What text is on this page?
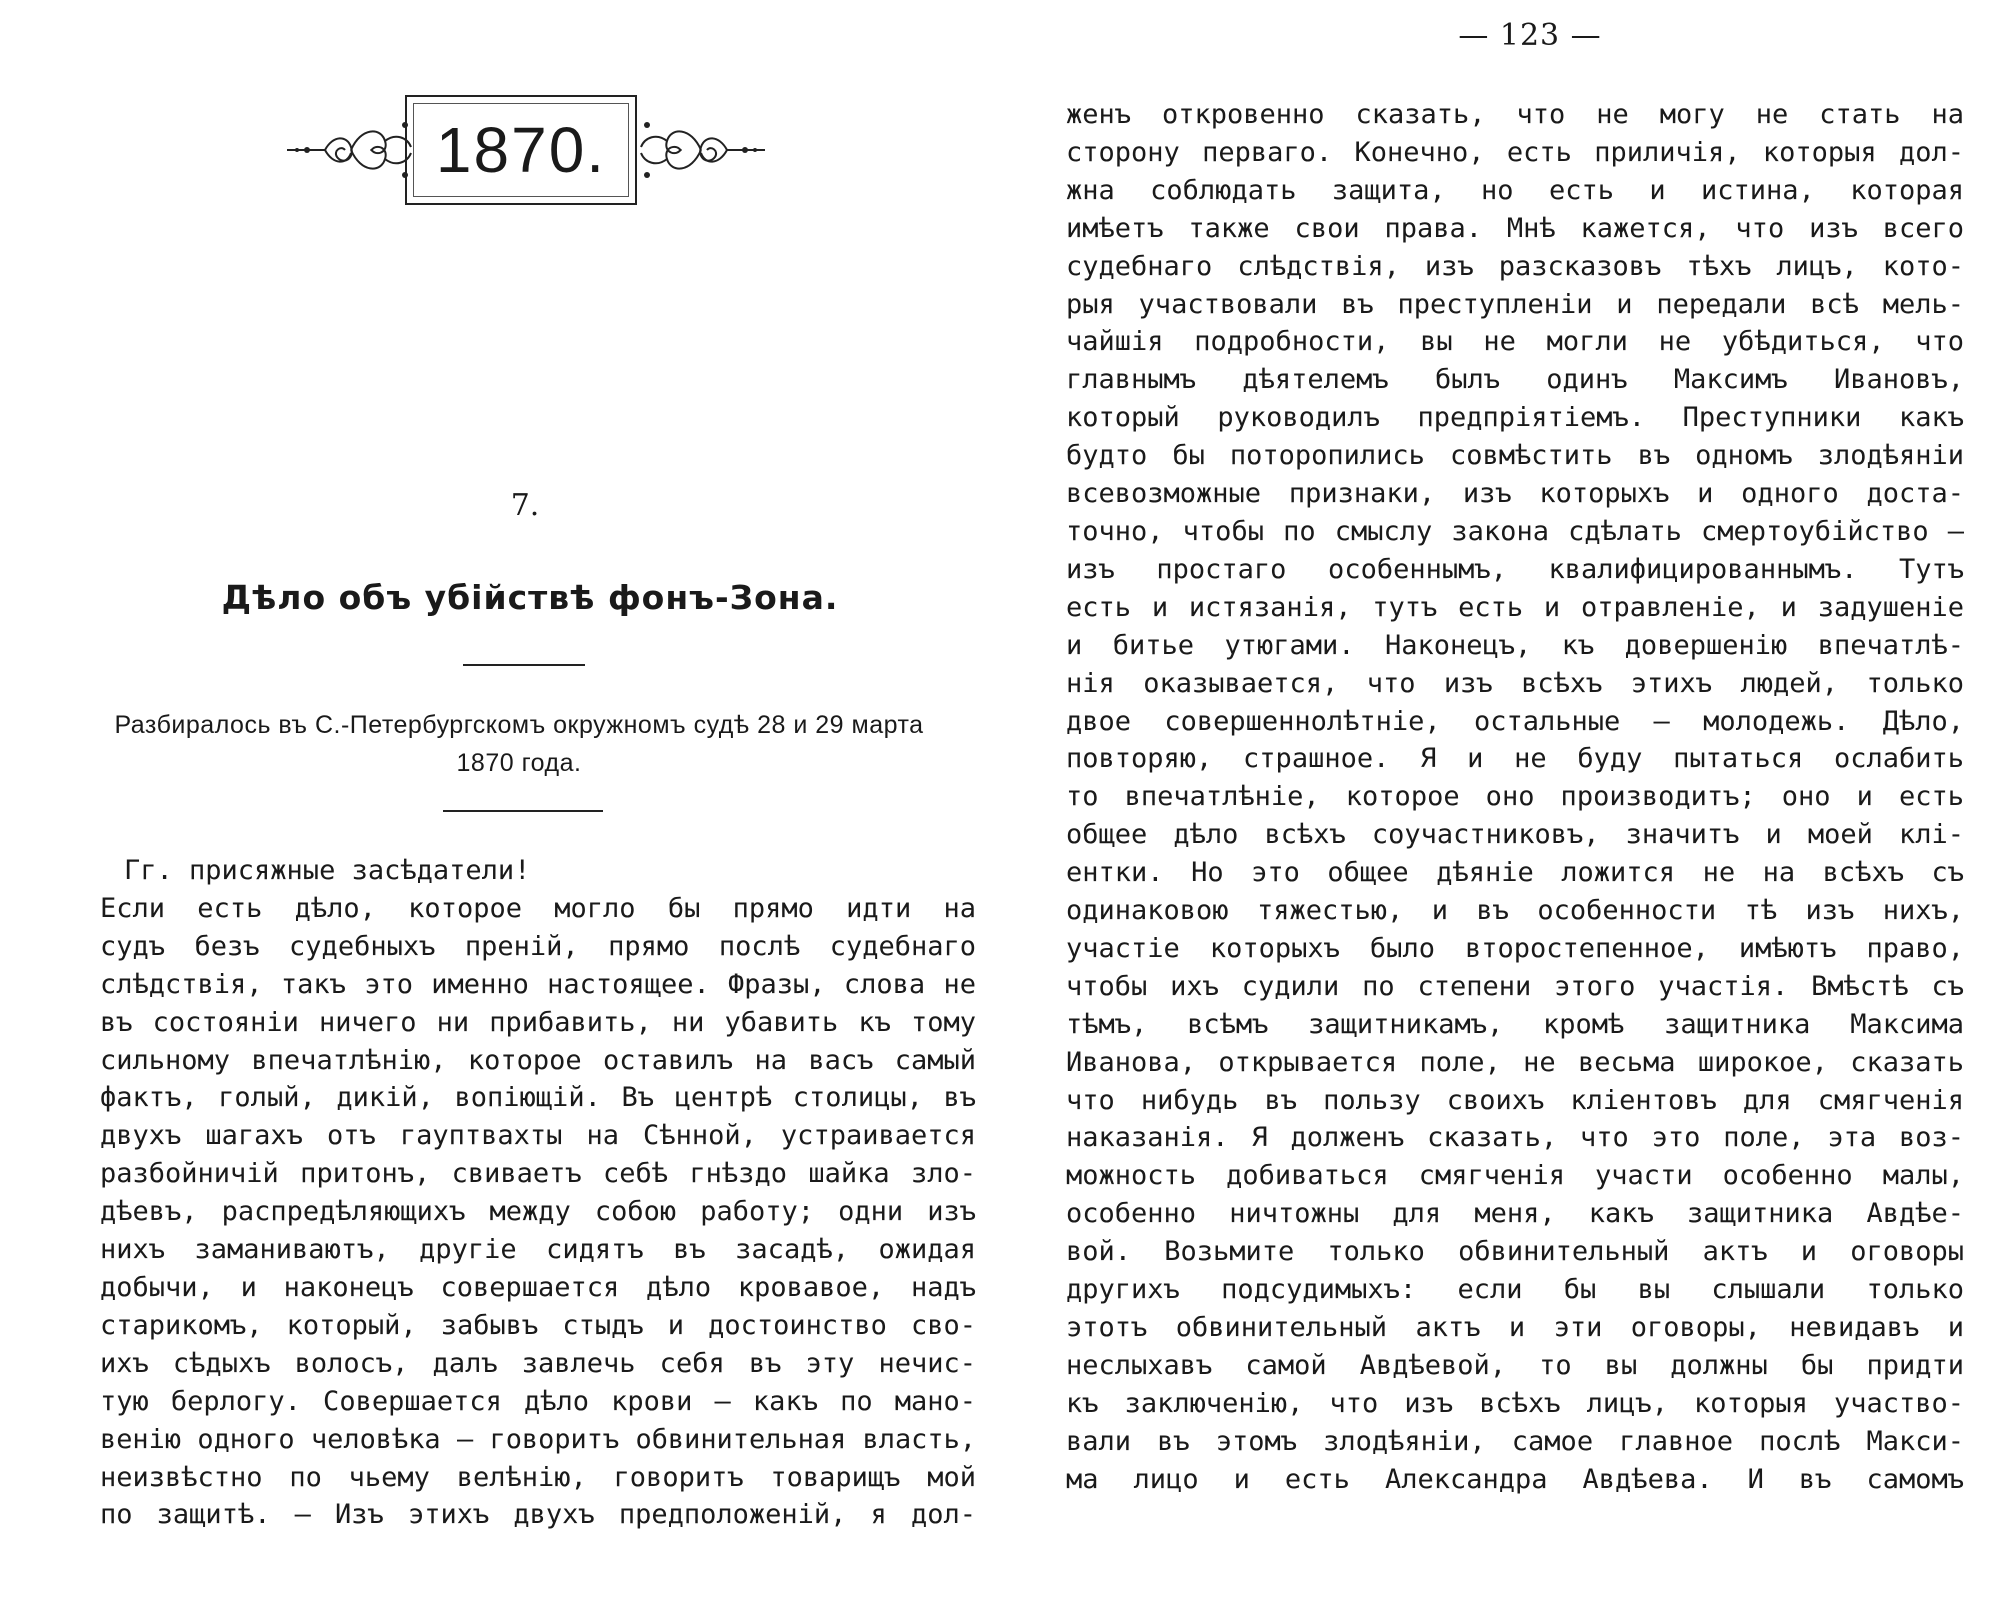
1870.
7.
Дѣло объ убійствѣ фонъ-Зона.
Разбиралось въ С.-Петербургскомъ окружномъ судѣ 28 и 29 марта
1870 года.
Гг. присяжные засѣдатели!
Если есть дѣло, которое могло бы прямо идти на
судъ безъ судебныхъ преній, прямо послѣ судебнаго
слѣдствія, такъ это именно настоящее. Фразы, слова не
въ состояніи ничего ни прибавить, ни убавить къ тому
сильному впечатлѣнію, которое оставилъ на васъ самый
фактъ, голый, дикій, вопіющій. Въ центрѣ столицы, въ
двухъ шагахъ отъ гауптвахты на Сѣнной, устраивается
разбойничій притонъ, свиваетъ себѣ гнѣздо шайка зло-
дѣевъ, распредѣляющихъ между собою работу; одни изъ
нихъ заманиваютъ, другіе сидятъ въ засадѣ, ожидая
добычи, и наконецъ совершается дѣло кровавое, надъ
старикомъ, который, забывъ стыдъ и достоинство сво-
ихъ сѣдыхъ волосъ, далъ завлечь себя въ эту нечис-
тую берлогу. Совершается дѣло крови — какъ по мано-
венію одного человѣка — говоритъ обвинительная власть,
неизвѣстно по чьему велѣнію, говоритъ товарищъ мой
по защитѣ. — Изъ этихъ двухъ предположеній, я дол-
— 123 —
женъ откровенно сказать, что не могу не стать на
сторону перваго. Конечно, есть приличія, которыя дол-
жна соблюдать защита, но есть и истина, которая
имѣетъ также свои права. Мнѣ кажется, что изъ всего
судебнаго слѣдствія, изъ разсказовъ тѣхъ лицъ, кото-
рыя участвовали въ преступленіи и передали всѣ мель-
чайшія подробности, вы не могли не убѣдиться, что
главнымъ дѣятелемъ былъ одинъ Максимъ Ивановъ,
который руководилъ предпріятіемъ. Преступники какъ
будто бы поторопились совмѣстить въ одномъ злодѣяніи
всевозможные признаки, изъ которыхъ и одного доста-
точно, чтобы по смыслу закона сдѣлать смертоубійство —
изъ простаго особеннымъ, квалифицированнымъ. Тутъ
есть и истязанія, тутъ есть и отравленіе, и задушеніе
и битье утюгами. Наконецъ, къ довершенію впечатлѣ-
нія оказывается, что изъ всѣхъ этихъ людей, только
двое совершеннолѣтніе, остальные — молодежь. Дѣло,
повторяю, страшное. Я и не буду пытаться ослабить
то впечатлѣніе, которое оно производитъ; оно и есть
общее дѣло всѣхъ соучастниковъ, значитъ и моей клі-
ентки. Но это общее дѣяніе ложится не на всѣхъ съ
одинаковою тяжестью, и въ особенности тѣ изъ нихъ,
участіе которыхъ было второстепенное, имѣютъ право,
чтобы ихъ судили по степени этого участія. Вмѣстѣ съ
тѣмъ, всѣмъ защитникамъ, кромѣ защитника Максима
Иванова, открывается поле, не весьма широкое, сказать
что нибудь въ пользу своихъ кліентовъ для смягченія
наказанія. Я долженъ сказать, что это поле, эта воз-
можность добиваться смягченія участи особенно малы,
особенно ничтожны для меня, какъ защитника Авдѣе-
вой. Возьмите только обвинительный актъ и оговоры
другихъ подсудимыхъ: если бы вы слышали только
этотъ обвинительный актъ и эти оговоры, невидавъ и
неслыхавъ самой Авдѣевой, то вы должны бы придти
къ заключенію, что изъ всѣхъ лицъ, которыя участво-
вали въ этомъ злодѣяніи, самое главное послѣ Макси-
ма лицо и есть Александра Авдѣева. И въ самомъ
